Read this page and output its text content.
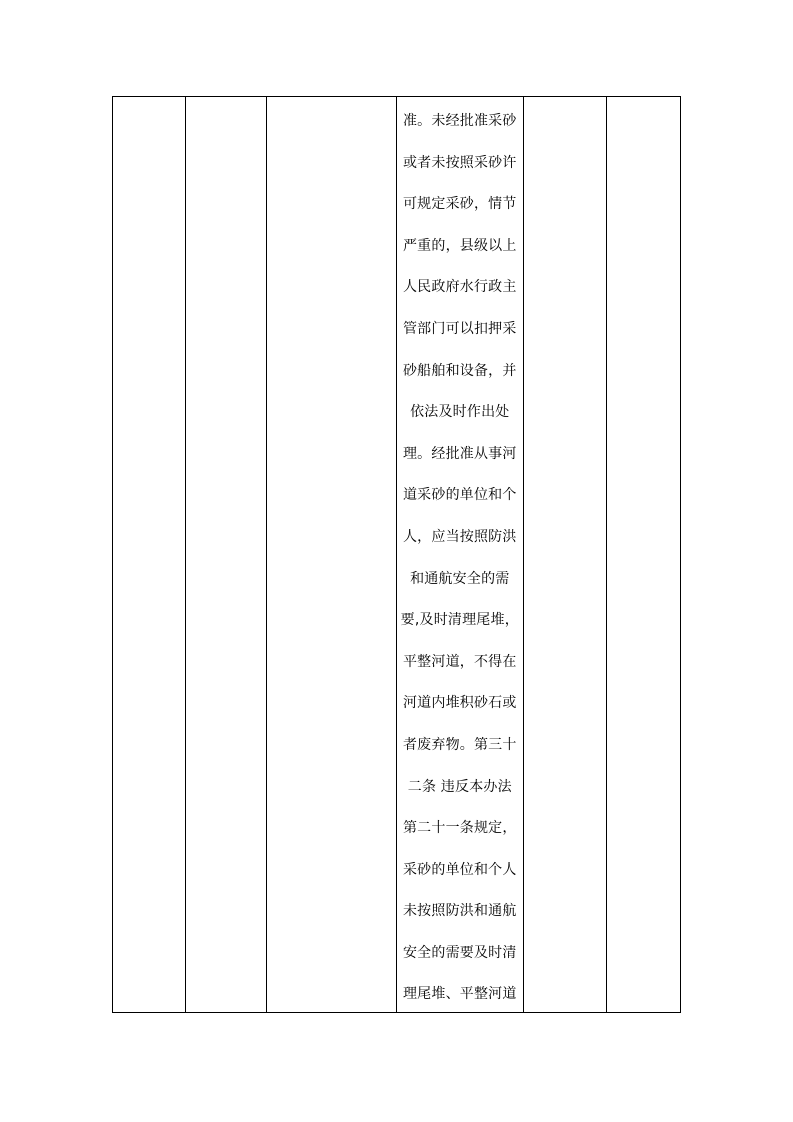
准。未经批准采砂
或者未按照采砂许
可规定采砂，情节
严重的，县级以上
人民政府水行政主
管部门可以扣押采
砂船舶和设备，并
依法及时作出处
理。经批准从事河
道采砂的单位和个
人，应当按照防洪
和通航安全的需
要,及时清理尾堆，
平整河道，不得在
河道内堆积砂石或
者废弃物。第三十
二条 违反本办法
第二十一条规定，
采砂的单位和个人
未按照防洪和通航
安全的需要及时清
理尾堆、平整河道
